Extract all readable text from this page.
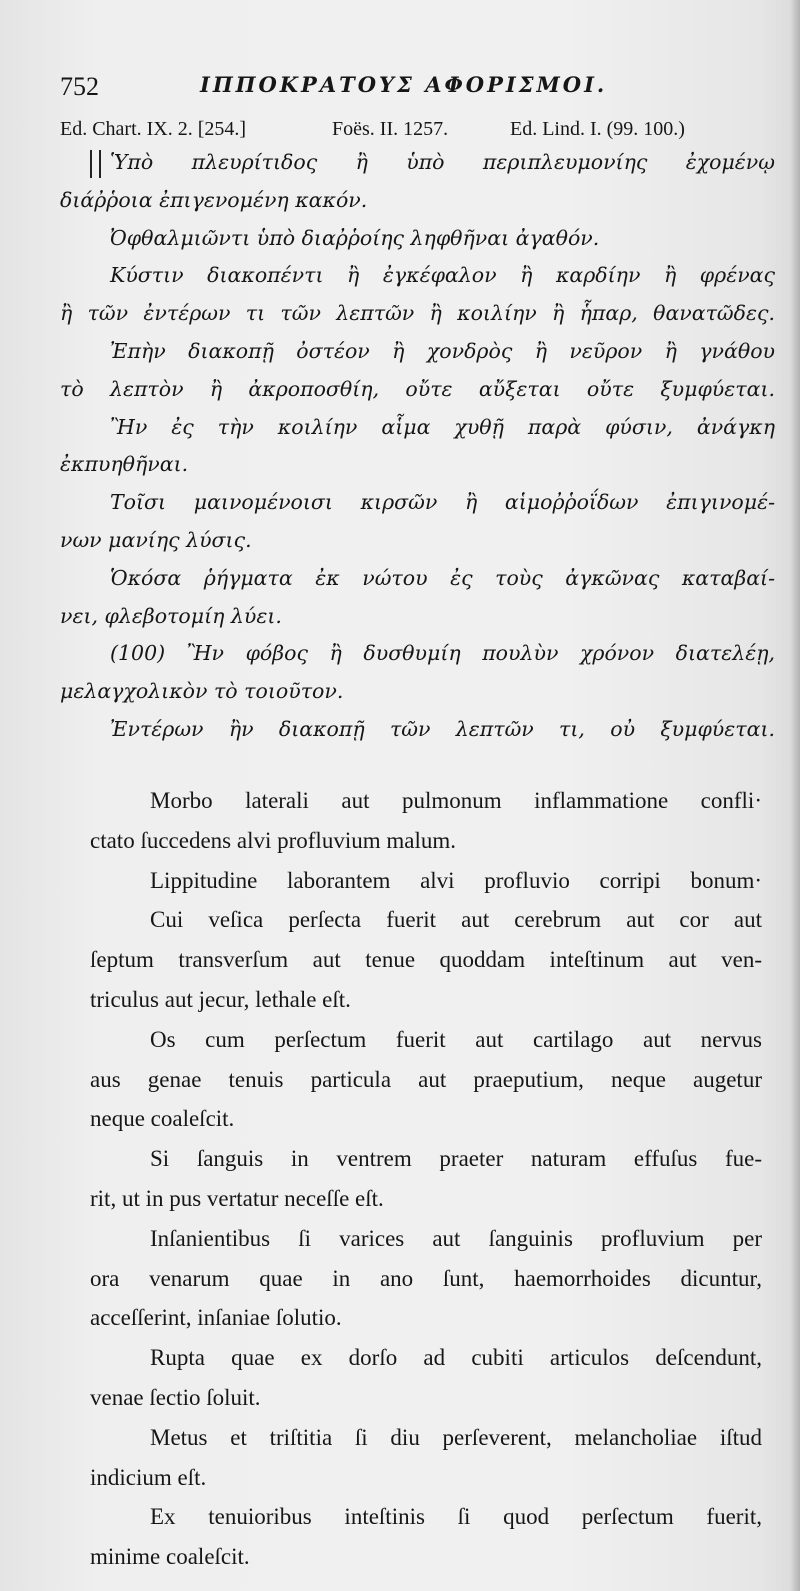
752	ΙΠΠΟΚΡΑΤΟΥΣ ΑΦΟΡΙΣΜΟΙ.
Ed. Chart. IX. 2. [254.]	Foës. II. 1257.	Ed. Lind. I. (99. 100.)
Ὑπὸ πλευρίτιδος ἢ ὑπὸ περιπλευμονίης ἐχομένῳ
διάῤῥοια ἐπιγενομένη κακόν.
Ὀφθαλμιῶντι ὑπὸ διαῤῥοίης ληφθῆναι ἀγαθόν.
Κύστιν διακοπέντι ἢ ἐγκέφαλον ἢ καρδίην ἢ φρένας
ἢ τῶν ἐντέρων τι τῶν λεπτῶν ἢ κοιλίην ἢ ἧπαρ, θανατῶδες.
Ἐπὴν διακοπῇ ὀστέον ἢ χονδρὸς ἢ νεῦρον ἢ γνάθου
τὸ λεπτὸν ἢ ἀκροποσθίη, οὔτε αὔξεται οὔτε ξυμφύεται.
Ἢν ἐς τὴν κοιλίην αἷμα χυθῇ παρὰ φύσιν, ἀνάγκη
ἐκπυηθῆναι.
Τοῖσι μαινομένοισι κιρσῶν ἢ αἱμοῤῥοΐδων ἐπιγινομέ-
νων μανίης λύσις.
Ὁκόσα ῥήγματα ἐκ νώτου ἐς τοὺς ἀγκῶνας καταβαί-
νει, φλεβοτομίη λύει.
(100) Ἢν φόβος ἢ δυσθυμίη πουλὺν χρόνον διατελέῃ,
μελαγχολικὸν τὸ τοιοῦτον.
Ἐντέρων ἢν διακοπῇ τῶν λεπτῶν τι, οὐ ξυμφύεται.
Morbo laterali aut pulmonum inflammatione confli·
ctato ſuccedens alvi profluvium malum.
Lippitudine laborantem alvi profluvio corripi bonum·
Cui veſica perſecta fuerit aut cerebrum aut cor aut
ſeptum transverſum aut tenue quoddam inteſtinum aut ven-
triculus aut jecur, lethale eſt.
Os cum perſectum fuerit aut cartilago aut nervus
aus genae tenuis particula aut praeputium, neque augetur
neque coaleſcit.
Si ſanguis in ventrem praeter naturam effuſus fue-
rit, ut in pus vertatur neceſſe eſt.
Inſanientibus ſi varices aut ſanguinis profluvium per
ora venarum quae in ano ſunt, haemorrhoides dicuntur,
acceſſerint, inſaniae ſolutio.
Rupta quae ex dorſo ad cubiti articulos deſcendunt,
venae ſectio ſoluit.
Metus et triſtitia ſi diu perſeverent, melancholiae iſtud
indicium eſt.
Ex tenuioribus inteſtinis ſi quod perſectum fuerit,
minime coaleſcit.
